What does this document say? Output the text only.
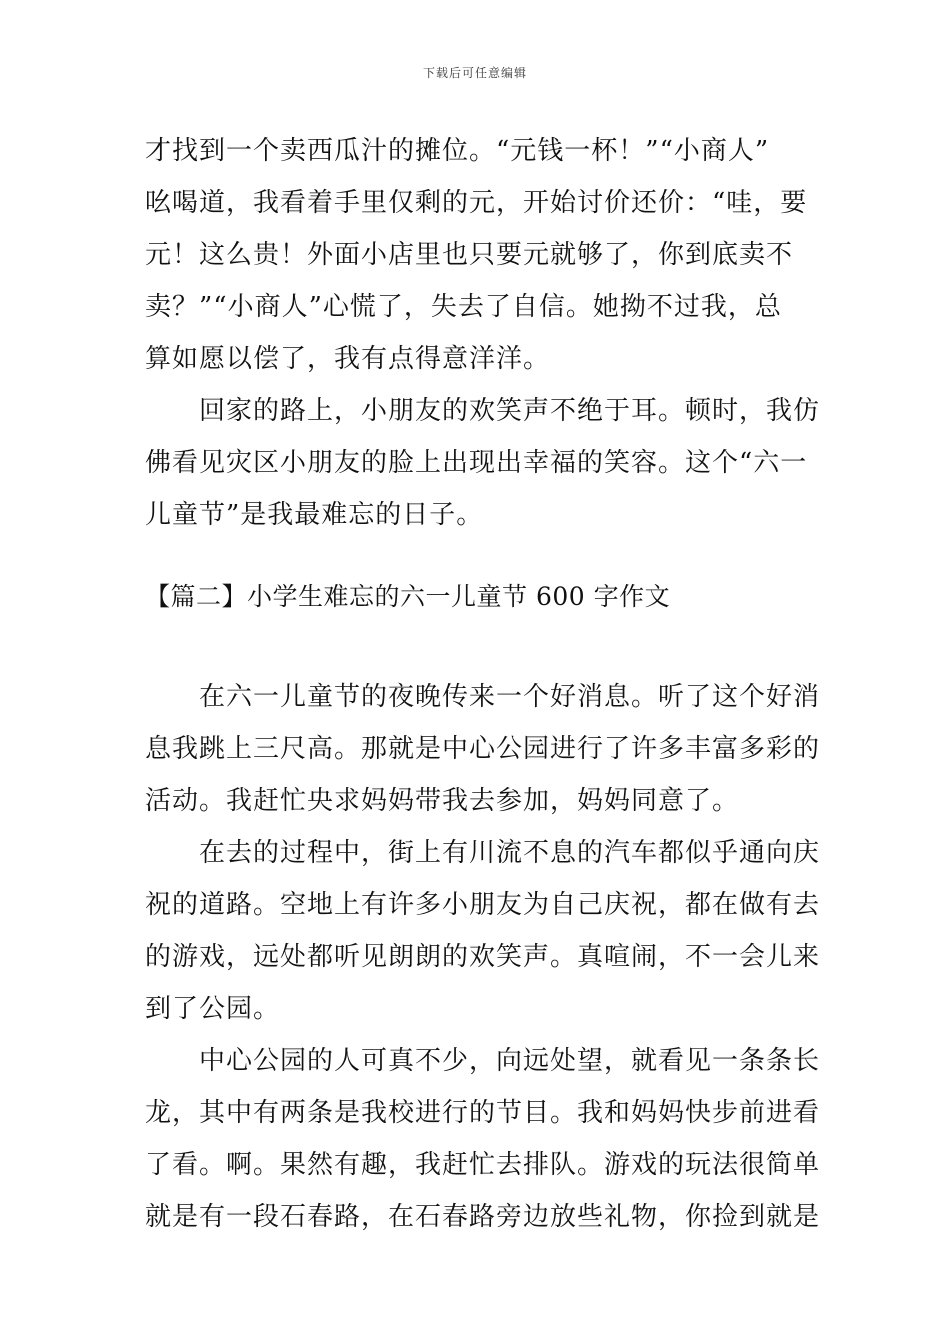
下载后可任意编辑
才找到一个卖西瓜汁的摊位。“元钱一杯！”“小商人”
吆喝道，我看着手里仅剩的元，开始讨价还价：“哇，要
元！这么贵！外面小店里也只要元就够了，你到底卖不
卖？”“小商人”心慌了，失去了自信。她拗不过我，总
算如愿以偿了，我有点得意洋洋。
回家的路上，小朋友的欢笑声不绝于耳。顿时，我仿
佛看见灾区小朋友的脸上出现出幸福的笑容。这个“六一
儿童节”是我最难忘的日子。
【篇二】小学生难忘的六一儿童节 600 字作文
在六一儿童节的夜晚传来一个好消息。听了这个好消
息我跳上三尺高。那就是中心公园进行了许多丰富多彩的
活动。我赶忙央求妈妈带我去参加，妈妈同意了。
在去的过程中，街上有川流不息的汽车都似乎通向庆
祝的道路。空地上有许多小朋友为自己庆祝，都在做有去
的游戏，远处都听见朗朗的欢笑声。真喧闹，不一会儿来
到了公园。
中心公园的人可真不少，向远处望，就看见一条条长
龙，其中有两条是我校进行的节目。我和妈妈快步前进看
了看。啊。果然有趣，我赶忙去排队。游戏的玩法很简单
就是有一段石春路，在石春路旁边放些礼物，你捡到就是
